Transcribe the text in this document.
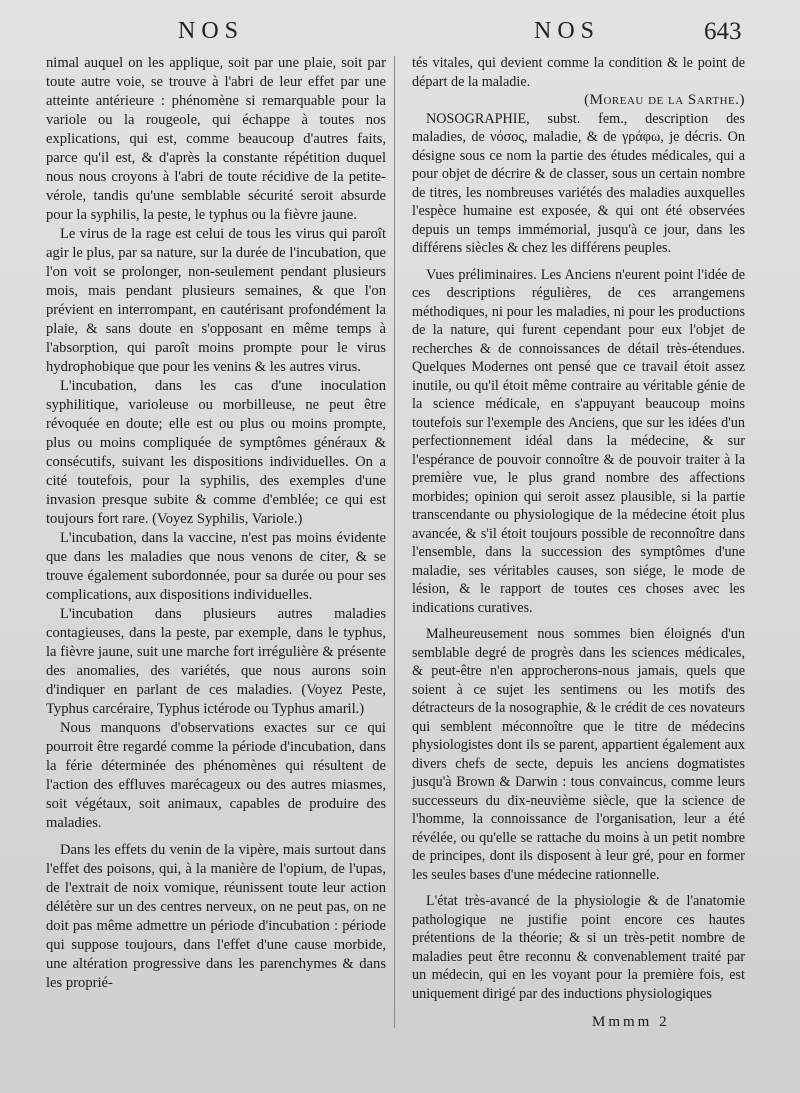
NOS	NOS	643

nimal auquel on les applique, soit par une plaie, soit par toute autre voie, se trouve à l'abri de leur effet par une atteinte antérieure : phénomène si remarquable pour la variole ou la rougeole, qui échappe à toutes nos explications, qui est, comme beaucoup d'autres faits, parce qu'il est, & d'après la constante répétition duquel nous nous croyons à l'abri de toute récidive de la petite-vérole, tandis qu'une semblable sécurité seroit absurde pour la syphilis, la peste, le typhus ou la fièvre jaune.

Le virus de la rage est celui de tous les virus qui paroît agir le plus, par sa nature, sur la durée de l'incubation, que l'on voit se prolonger, non-seulement pendant plusieurs mois, mais pendant plusieurs semaines, & que l'on prévient en interrompant, en cautérisant profondément la plaie, & sans doute en s'opposant en même temps à l'absorption, qui paroît moins prompte pour le virus hydrophobique que pour les venins & les autres virus.

L'incubation, dans les cas d'une inoculation syphilitique, varioleuse ou morbilleuse, ne peut être révoquée en doute; elle est ou plus ou moins prompte, plus ou moins compliquée de symptômes généraux & consécutifs, suivant les dispositions individuelles. On a cité toutefois, pour la syphilis, des exemples d'une invasion presque subite & comme d'emblée; ce qui est toujours fort rare. (Voyez Syphilis, Variole.)

L'incubation, dans la vaccine, n'est pas moins évidente que dans les maladies que nous venons de citer, & se trouve également subordonnée, pour sa durée ou pour ses complications, aux dispositions individuelles.

L'incubation dans plusieurs autres maladies contagieuses, dans la peste, par exemple, dans le typhus, la fièvre jaune, suit une marche fort irrégulière & présente des anomalies, des variétés, que nous aurons soin d'indiquer en parlant de ces maladies. (Voyez Peste, Typhus carcéraire, Typhus ictérode ou Typhus amaril.)

Nous manquons d'observations exactes sur ce qui pourroit être regardé comme la période d'incubation, dans la férie déterminée des phénomènes qui résultent de l'action des effluves marécageux ou des autres miasmes, soit végétaux, soit animaux, capables de produire des maladies.

Dans les effets du venin de la vipère, mais surtout dans l'effet des poisons, qui, à la manière de l'opium, de l'upas, de l'extrait de noix vomique, réunissent toute leur action délétère sur un des centres nerveux, on ne peut pas, on ne doit pas même admettre un période d'incubation : période qui suppose toujours, dans l'effet d'une cause morbide, une altération progressive dans les parenchymes & dans les proprié-

tés vitales, qui devient comme la condition & le point de départ de la maladie.

(Moreau de la Sarthe.)

NOSOGRAPHIE, subst. fem., description des maladies, de νόσος, maladie, & de γράφω, je décris. On désigne sous ce nom la partie des études médicales, qui a pour objet de décrire & de classer, sous un certain nombre de titres, les nombreuses variétés des maladies auxquelles l'espèce humaine est exposée, & qui ont été observées depuis un temps immémorial, jusqu'à ce jour, dans les différens siècles & chez les différens peuples.

Vues préliminaires. Les Anciens n'eurent point l'idée de ces descriptions régulières, de ces arrangemens méthodiques, ni pour les maladies, ni pour les productions de la nature, qui furent cependant pour eux l'objet de recherches & de connoissances de détail très-étendues. Quelques Modernes ont pensé que ce travail étoit assez inutile, ou qu'il étoit même contraire au véritable génie de la science médicale, en s'appuyant beaucoup moins toutefois sur l'exemple des Anciens, que sur les idées d'un perfectionnement idéal dans la médecine, & sur l'espérance de pouvoir connoître & de pouvoir traiter à la première vue, le plus grand nombre des affections morbides; opinion qui seroit assez plausible, si la partie transcendante ou physiologique de la médecine étoit plus avancée, & s'il étoit toujours possible de reconnoître dans l'ensemble, dans la succession des symptômes d'une maladie, ses véritables causes, son siége, le mode de lésion, & le rapport de toutes ces choses avec les indications curatives.

Malheureusement nous sommes bien éloignés d'un semblable degré de progrès dans les sciences médicales, & peut-être n'en approcherons-nous jamais, quels que soient à ce sujet les sentimens ou les motifs des détracteurs de la nosographie, & le crédit de ces novateurs qui semblent méconnoître que le titre de médecins physiologistes dont ils se parent, appartient également aux divers chefs de secte, depuis les anciens dogmatistes jusqu'à Brown & Darwin : tous convaincus, comme leurs successeurs du dix-neuvième siècle, que la science de l'homme, la connoissance de l'organisation, leur a été révélée, ou qu'elle se rattache du moins à un petit nombre de principes, dont ils disposent à leur gré, pour en former les seules bases d'une médecine rationnelle.

L'état très-avancé de la physiologie & de l'anatomie pathologique ne justifie point encore ces hautes prétentions de la théorie; & si un très-petit nombre de maladies peut être reconnu & convenablement traité par un médecin, qui en les voyant pour la première fois, est uniquement dirigé par des inductions physiologiques

Mmmm 2
